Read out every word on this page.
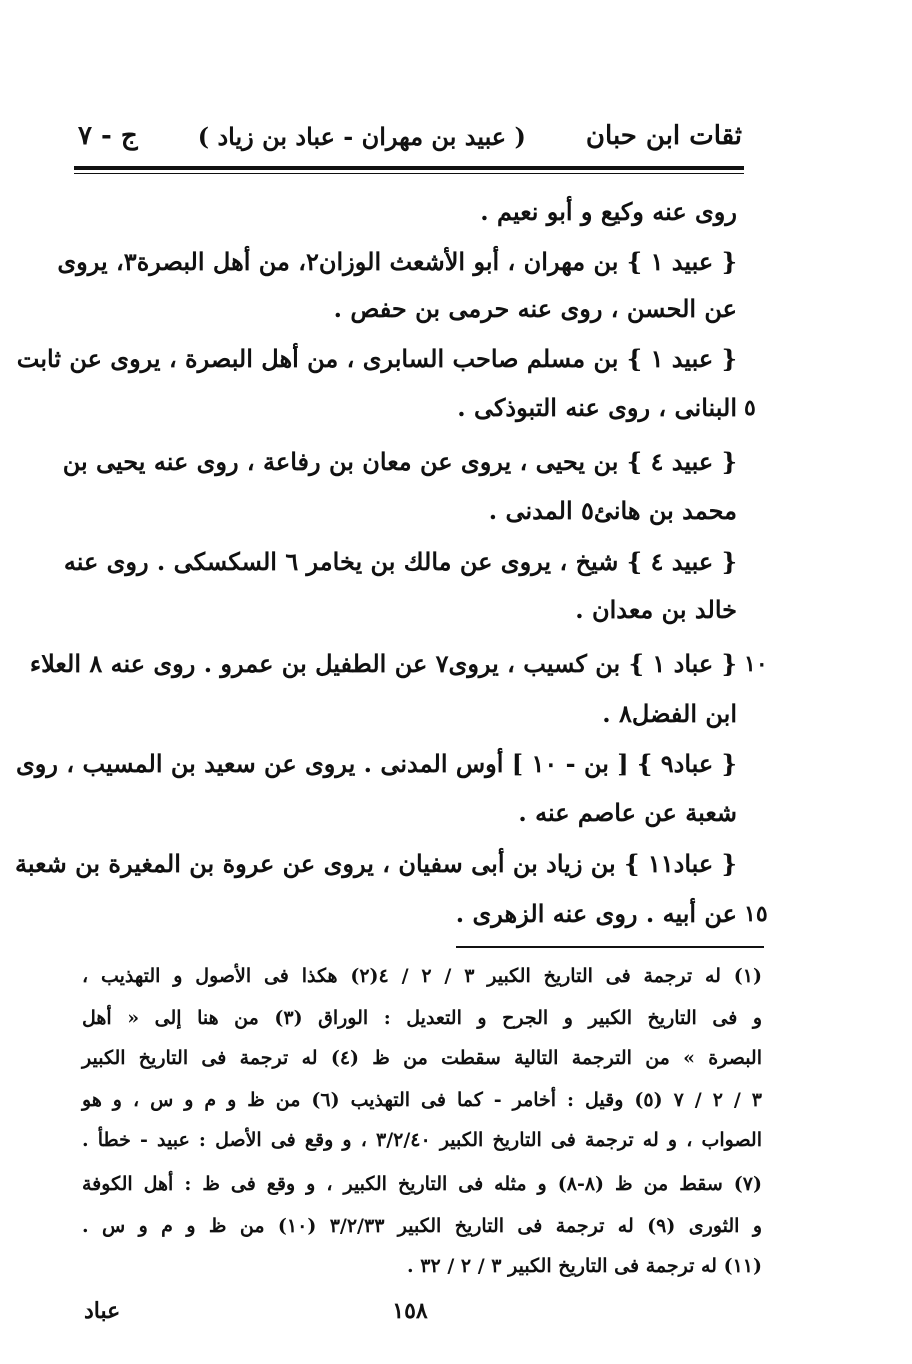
ثقات ابن حبان
( عبيد بن مهران - عباد بن زياد )
ج - ٧
روى عنه وكيع و أبو نعيم .
{ عبيد ١ } بن مهران ، أبو الأشعث الوزان٢، من أهل البصرة٣، يروى
عن الحسن ، روى عنه حرمى بن حفص .
{ عبيد ١ } بن مسلم صاحب السابرى ، من أهل البصرة ، يروى عن ثابت
البنانى ، روى عنه التبوذكى .
{ عبيد ٤ } بن يحيى ، يروى عن معان بن رفاعة ، روى عنه يحيى بن
محمد بن هانئ٥ المدنى .
{ عبيد ٤ } شيخ ، يروى عن مالك بن يخامر ٦ السكسكى . روى عنه
خالد بن معدان .
{ عباد ١ } بن كسيب ، يروى٧ عن الطفيل بن عمرو . روى عنه ٨ العلاء
ابن الفضل٨ .
{ عباد٩ } [ بن - ١٠ ] أوس المدنى . يروى عن سعيد بن المسيب ، روى
شعبة عن عاصم عنه .
{ عباد١١ } بن زياد بن أبى سفيان ، يروى عن عروة بن المغيرة بن شعبة
عن أبيه . روى عنه الزهرى .
٥
١٠
١٥
(١) له ترجمة فى التاريخ الكبير ٣ / ٢ / ٤(٢) هكذا فى الأصول و التهذيب ،
و فى التاريخ الكبير و الجرح و التعديل : الوراق (٣) من هنا إلى « أهل
البصرة » من الترجمة التالية سقطت من ظ (٤) له ترجمة فى التاريخ الكبير
٣ / ٢ / ٧ (٥) وقيل : أخامر - كما فى التهذيب (٦) من ظ و م و س ، و هو
الصواب ، و له ترجمة فى التاريخ الكبير ٣/٢/٤٠ ، و وقع فى الأصل : عبيد - خطأ .
(٧) سقط من ظ (٨-٨) و مثله فى التاريخ الكبير ، و وقع فى ظ : أهل الكوفة
و الثورى (٩) له ترجمة فى التاريخ الكبير ٣/٢/٣٣ (١٠) من ظ و م و س .
(١١) له ترجمة فى التاريخ الكبير ٣ / ٢ / ٣٢ .
عباد	١٥٨
